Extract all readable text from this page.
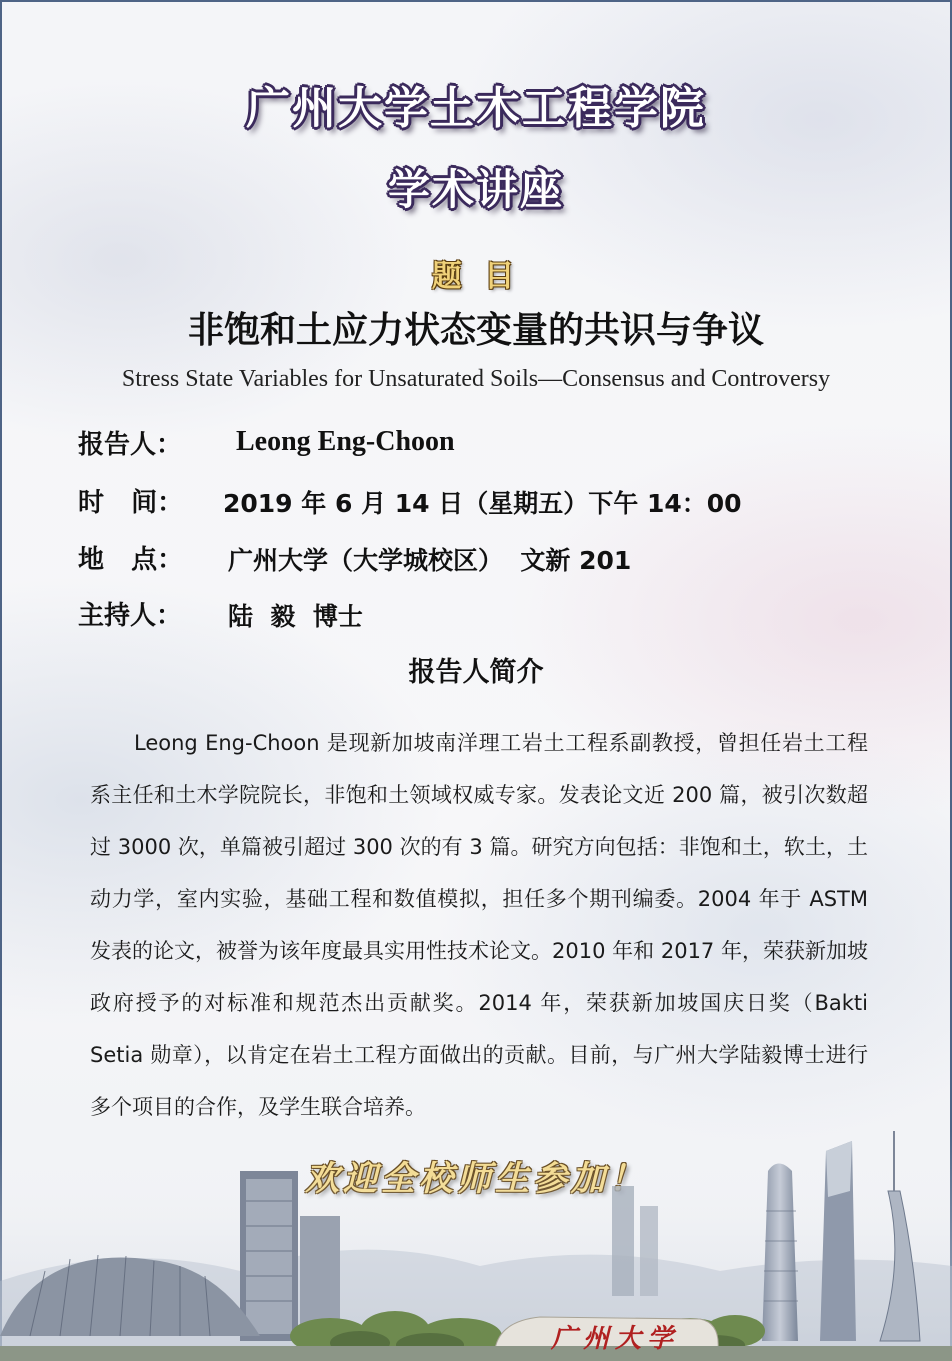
广州大学土木工程学院
学术讲座
题 目
非饱和土应力状态变量的共识与争议
Stress State Variables for Unsaturated Soils—Consensus and Controversy
报告人： Leong Eng-Choon
时   间： 2019 年 6 月 14 日（星期五）下午 14：00
地   点： 广州大学（大学城校区）  文新 201
主持人： 陆  毅  博士
报告人简介

Leong Eng-Choon 是现新加坡南洋理工岩土工程系副教授，曾担任岩土工程系主任和土木学院院长，非饱和土领域权威专家。发表论文近 200 篇，被引次数超过 3000 次，单篇被引超过 300 次的有 3 篇。研究方向包括：非饱和土，软土，土动力学，室内实验，基础工程和数值模拟，担任多个期刊编委。2004 年于 ASTM 发表的论文，被誉为该年度最具实用性技术论文。2010 年和 2017 年，荣获新加坡政府授予的对标准和规范杰出贡献奖。2014 年，荣获新加坡国庆日奖（Bakti Setia 勋章），以肯定在岩土工程方面做出的贡献。目前，与广州大学陆毅博士进行多个项目的合作，及学生联合培养。

广州大学
